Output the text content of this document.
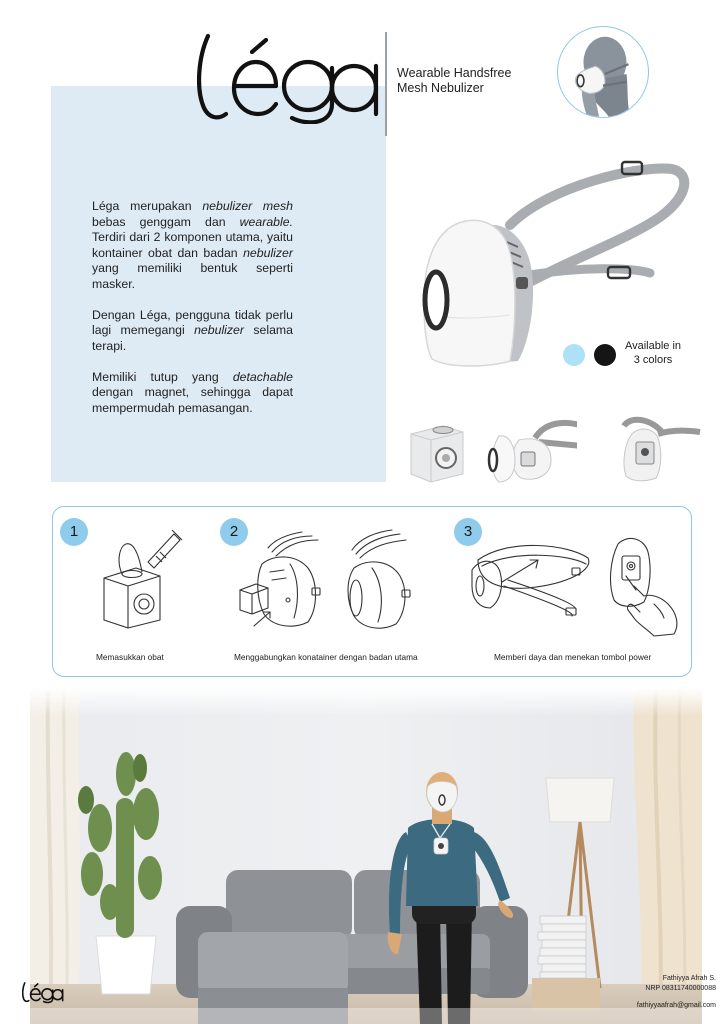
Wearable Handsfree
Mesh Nebulizer

Léga merupakan nebulizer mesh bebas genggam dan wearable. Terdiri dari 2 komponen utama, yaitu kontainer obat dan badan nebulizer yang memiliki bentuk seperti masker.

Dengan Léga, pengguna tidak perlu lagi memegangi nebulizer selama terapi.

Memiliki tutup yang detachable dengan magnet, sehingga dapat mempermudah pemasangan.

Available in
3 colors
1	2	3
Memasukkan obat	Menggabungkan konatainer dengan badan utama	Memberi daya dan menekan tombol power
Fathiyya Afrah S.
NRP 08311740000088
fathiyyaafrah@gmail.com
